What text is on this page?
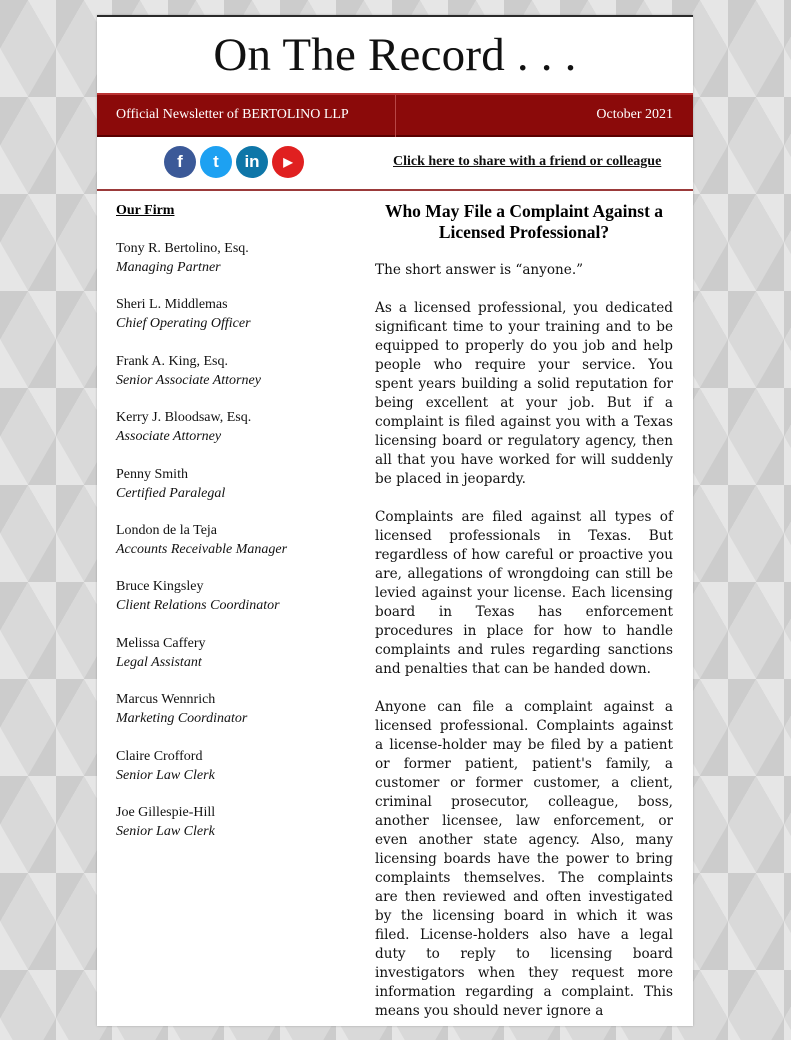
On The Record . . .
Official Newsletter of BERTOLINO LLP	October 2021
f	t	in	▶	Click here to share with a friend or colleague
Our Firm
Tony R. Bertolino, Esq.
Managing Partner
Sheri L. Middlemas
Chief Operating Officer
Frank A. King, Esq.
Senior Associate Attorney
Kerry J. Bloodsaw, Esq.
Associate Attorney
Penny Smith
Certified Paralegal
London de la Teja
Accounts Receivable Manager
Bruce Kingsley
Client Relations Coordinator
Melissa Caffery
Legal Assistant
Marcus Wennrich
Marketing Coordinator
Claire Crofford
Senior Law Clerk
Joe Gillespie-Hill
Senior Law Clerk
Who May File a Complaint Against a Licensed Professional?

The short answer is “anyone.”

As a licensed professional, you dedicated significant time to your training and to be equipped to properly do you job and help people who require your service. You spent years building a solid reputation for being excellent at your job. But if a complaint is filed against you with a Texas licensing board or regulatory agency, then all that you have worked for will suddenly be placed in jeopardy.

Complaints are filed against all types of licensed professionals in Texas. But regardless of how careful or proactive you are, allegations of wrongdoing can still be levied against your license. Each licensing board in Texas has enforcement procedures in place for how to handle complaints and rules regarding sanctions and penalties that can be handed down.

Anyone can file a complaint against a licensed professional. Complaints against a license-holder may be filed by a patient or former patient, patient's family, a customer or former customer, a client, criminal prosecutor, colleague, boss, another licensee, law enforcement, or even another state agency. Also, many licensing boards have the power to bring complaints themselves. The complaints are then reviewed and often investigated by the licensing board in which it was filed. License-holders also have a legal duty to reply to licensing board investigators when they request more information regarding a complaint. This means you should never ignore a
